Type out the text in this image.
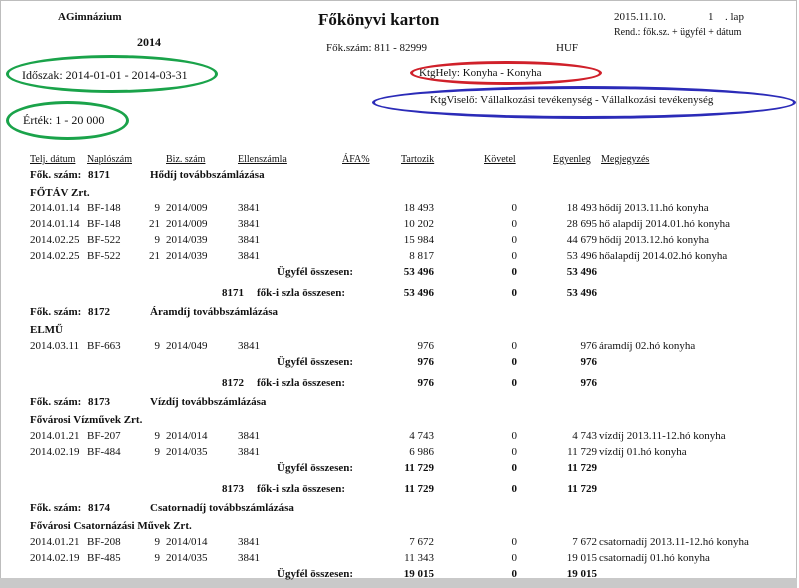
AGimnázium
2014
Főkönyvi karton	2015.11.10.	1 . lap
Rend.: fők.sz. + ügyfél + dátum
Fők.szám: 811 - 82999	HUF
Időszak: 2014-01-01 - 2014-03-31	KtgHely: Konyha - Konyha
KtgViselő: Vállalkozási tevékenység - Vállalkozási tevékenység
Érték: 1 - 20 000
Telj. dátum Naplószám	Biz. szám	Ellenszámla	ÁFA%	Tartozik	Követel	Egyenleg Megjegyzés
Fők. szám: 8171	Hődíj továbbszámlázása
FŐTÁV Zrt.
2014.01.14 BF-148	9 2014/009	3841	18 493	0	18 493 hődíj 2013.11.hó konyha
2014.01.14 BF-148	21 2014/009	3841	10 202	0	28 695 hő alapdíj 2014.01.hó konyha
2014.02.25 BF-522	9 2014/039	3841	15 984	0	44 679 hődíj 2013.12.hó konyha
2014.02.25 BF-522	21 2014/039	3841	8 817	0	53 496 hőalapdíj 2014.02.hó konyha
Ügyfél összesen:	53 496	0	53 496
8171 fők-i szla összesen:	53 496	0	53 496
Fők. szám: 8172	Áramdíj továbbszámlázása
ELMŰ
2014.03.11 BF-663	9 2014/049	3841	976	0	976 áramdíj 02.hó konyha
Ügyfél összesen:	976	0	976
8172 fők-i szla összesen:	976	0	976
Fők. szám: 8173	Vízdíj továbbszámlázása
Fővárosi Vízművek Zrt.
2014.01.21 BF-207	9 2014/014	3841	4 743	0	4 743 vízdíj 2013.11-12.hó konyha
2014.02.19 BF-484	9 2014/035	3841	6 986	0	11 729 vízdíj 01.hó konyha
Ügyfél összesen:	11 729	0	11 729
8173 fők-i szla összesen:	11 729	0	11 729
Fők. szám: 8174	Csatornadíj továbbszámlázása
Fővárosi Csatornázási Művek Zrt.
2014.01.21 BF-208	9 2014/014	3841	7 672	0	7 672 csatornadíj 2013.11-12.hó konyha
2014.02.19 BF-485	9 2014/035	3841	11 343	0	19 015 csatornadíj 01.hó konyha
Ügyfél összesen:	19 015	0	19 015
